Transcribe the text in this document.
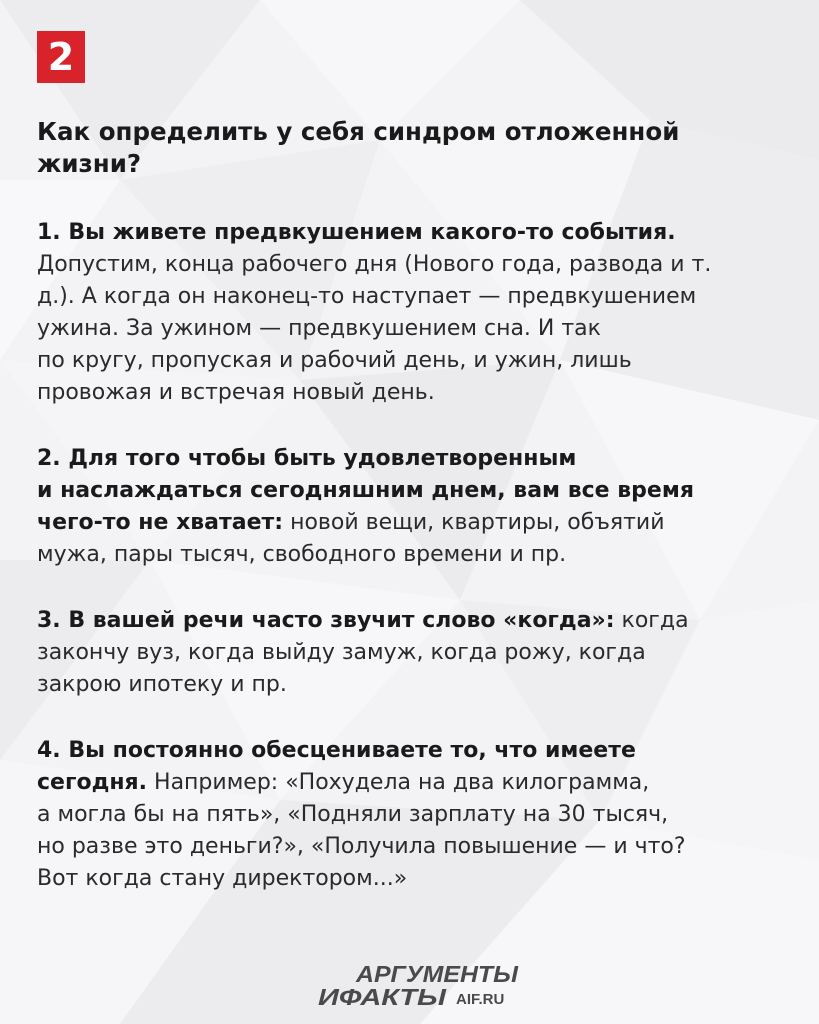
2
Как определить у себя синдром отложенной
жизни?
1. Вы живете предвкушением какого-то события.
Допустим, конца рабочего дня (Нового года, развода и т.
д.). А когда он наконец-то наступает — предвкушением
ужина. За ужином — предвкушением сна. И так
по кругу, пропуская и рабочий день, и ужин, лишь
провожая и встречая новый день.
2. Для того чтобы быть удовлетворенным
и наслаждаться сегодняшним днем, вам все время
чего-то не хватает: новой вещи, квартиры, объятий
мужа, пары тысяч, свободного времени и пр.
3. В вашей речи часто звучит слово «когда»: когда
закончу вуз, когда выйду замуж, когда рожу, когда
закрою ипотеку и пр.
4. Вы постоянно обесцениваете то, что имеете
сегодня. Например: «Похудела на два килограмма,
а могла бы на пять», «Подняли зарплату на 30 тысяч,
но разве это деньги?», «Получила повышение — и что?
Вот когда стану директором...»
АРГУМЕНТЫ
ИФАКТЫ AIF.RU
